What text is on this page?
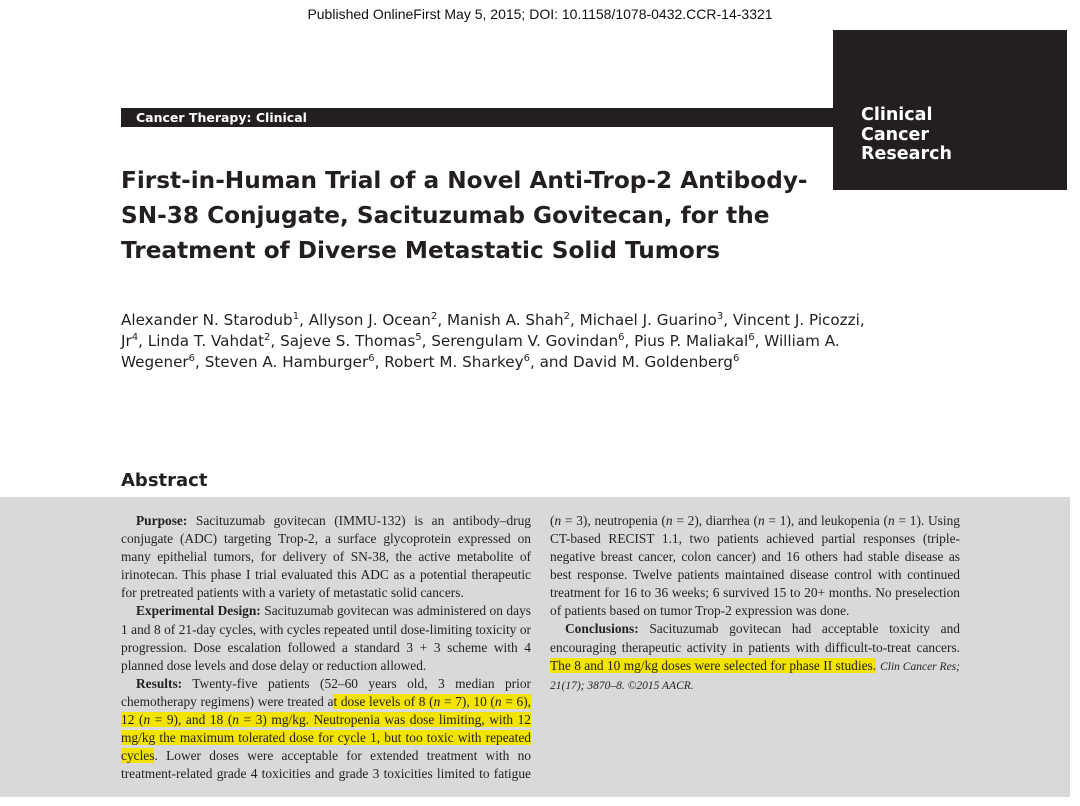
Published OnlineFirst May 5, 2015; DOI: 10.1158/1078-0432.CCR-14-3321
Clinical
Cancer
Research
Cancer Therapy: Clinical
First-in-Human Trial of a Novel Anti-Trop-2 Antibody-SN-38 Conjugate, Sacituzumab Govitecan, for the Treatment of Diverse Metastatic Solid Tumors
Alexander N. Starodub$^1$, Allyson J. Ocean$^2$, Manish A. Shah$^2$, Michael J. Guarino$^3$, Vincent J. Picozzi, Jr$^4$, Linda T. Vahdat$^2$, Sajeve S. Thomas$^5$, Serengulam V. Govindan$^6$, Pius P. Maliakal$^6$, William A. Wegener$^6$, Steven A. Hamburger$^6$, Robert M. Sharkey$^6$, and David M. Goldenberg$^6$
Abstract

Purpose: Sacituzumab govitecan (IMMU-132) is an antibody–drug conjugate (ADC) targeting Trop-2, a surface glycoprotein expressed on many epithelial tumors, for delivery of SN-38, the active metabolite of irinotecan. This phase I trial evaluated this ADC as a potential therapeutic for pretreated patients with a variety of metastatic solid cancers.

Experimental Design: Sacituzumab govitecan was administered on days 1 and 8 of 21-day cycles, with cycles repeated until dose-limiting toxicity or progression. Dose escalation followed a standard 3 + 3 scheme with 4 planned dose levels and dose delay or reduction allowed.

Results: Twenty-five patients (52–60 years old, 3 median prior chemotherapy regimens) were treated at dose levels of 8 (n = 7), 10 (n = 6), 12 (n = 9), and 18 (n = 3) mg/kg. Neutropenia was dose limiting, with 12 mg/kg the maximum tolerated dose for cycle 1, but too toxic with repeated cycles. Lower doses were acceptable for extended treatment with no treatment-related grade 4 toxicities and grade 3 toxicities limited to fatigue

(n = 3), neutropenia (n = 2), diarrhea (n = 1), and leukopenia (n = 1). Using CT-based RECIST 1.1, two patients achieved partial responses (triple-negative breast cancer, colon cancer) and 16 others had stable disease as best response. Twelve patients maintained disease control with continued treatment for 16 to 36 weeks; 6 survived 15 to 20+ months. No preselection of patients based on tumor Trop-2 expression was done.

Conclusions: Sacituzumab govitecan had acceptable toxicity and encouraging therapeutic activity in patients with difficult-to-treat cancers. The 8 and 10 mg/kg doses were selected for phase II studies. Clin Cancer Res; 21(17); 3870–8. ©2015 AACR.
